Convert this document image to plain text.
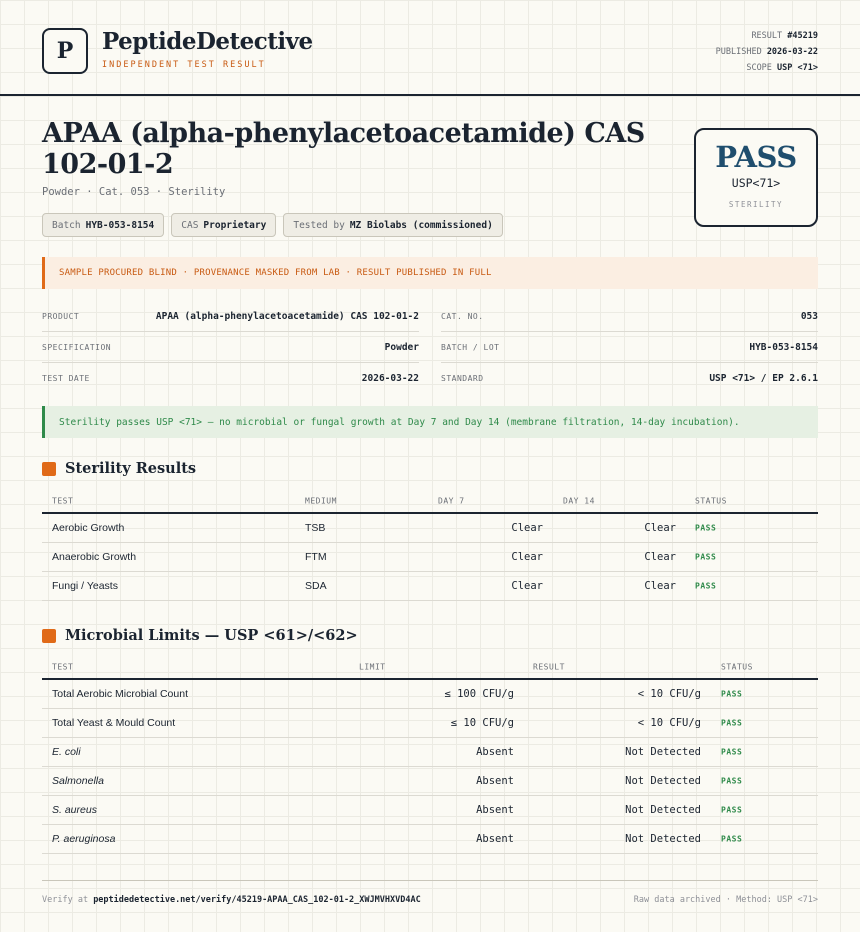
P PeptideDetective
INDEPENDENT TEST RESULT
RESULT #45219
PUBLISHED 2026-03-22
SCOPE USP <71>
APAA (alpha-phenylacetoacetamide) CAS 102-01-2
Powder · Cat. 053 · Sterility
Batch HYB-053-8154	CAS Proprietary	Tested by MZ Biolabs (commissioned)
PASS
USP<71>
STERILITY
SAMPLE PROCURED BLIND · PROVENANCE MASKED FROM LAB · RESULT PUBLISHED IN FULL
PRODUCT	APAA (alpha-phenylacetoacetamide) CAS 102-01-2
SPECIFICATION	Powder
TEST DATE	2026-03-22
CAT. NO.	053
BATCH / LOT	HYB-053-8154
STANDARD	USP <71> / EP 2.6.1
Sterility passes USP <71> — no microbial or fungal growth at Day 7 and Day 14 (membrane filtration, 14-day incubation).
Sterility Results
TEST	MEDIUM	DAY 7	DAY 14	STATUS
Aerobic Growth	TSB	Clear	Clear PASS
Anaerobic Growth	FTM	Clear	Clear PASS
Fungi / Yeasts	SDA	Clear	Clear PASS
Microbial Limits — USP <61>/<62>
TEST	LIMIT	RESULT	STATUS
Total Aerobic Microbial Count	≤ 100 CFU/g	< 10 CFU/g	PASS
Total Yeast & Mould Count	≤ 10 CFU/g	< 10 CFU/g	PASS
E. coli	Absent	Not Detected	PASS
Salmonella	Absent	Not Detected	PASS
S. aureus	Absent	Not Detected	PASS
P. aeruginosa	Absent	Not Detected	PASS
Verify at peptidedetective.net/verify/45219-APAA_CAS_102-01-2_XWJMVHXVD4AC	Raw data archived · Method: USP <71>
